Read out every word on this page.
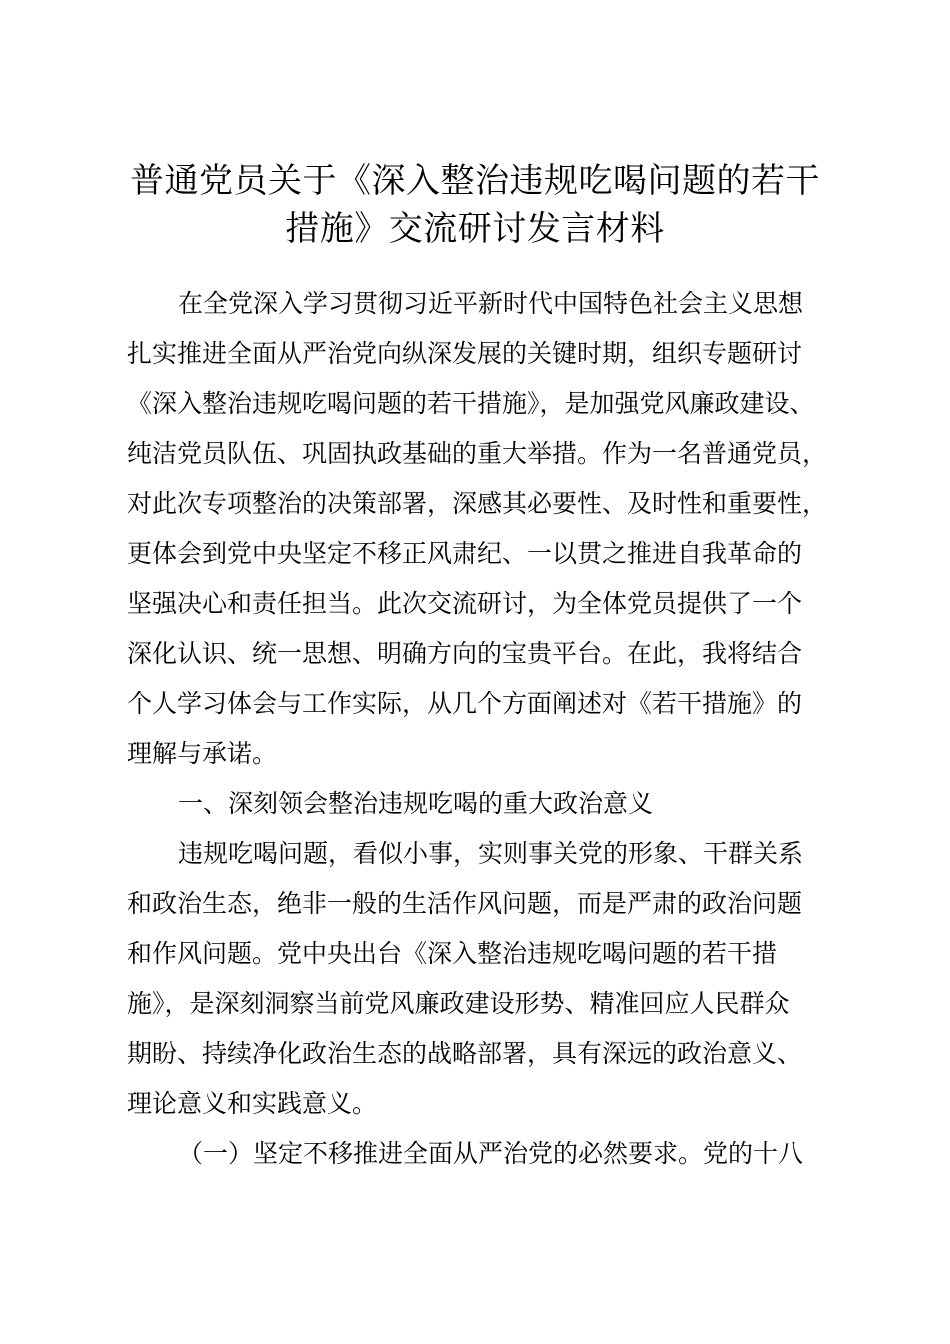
普通党员关于《深入整治违规吃喝问题的若干
措施》交流研讨发言材料

在全党深入学习贯彻习近平新时代中国特色社会主义思想

扎实推进全面从严治党向纵深发展的关键时期，组织专题研讨

《深入整治违规吃喝问题的若干措施》，是加强党风廉政建设、

纯洁党员队伍、巩固执政基础的重大举措。作为一名普通党员，

对此次专项整治的决策部署，深感其必要性、及时性和重要性，

更体会到党中央坚定不移正风肃纪、一以贯之推进自我革命的

坚强决心和责任担当。此次交流研讨，为全体党员提供了一个

深化认识、统一思想、明确方向的宝贵平台。在此，我将结合

个人学习体会与工作实际，从几个方面阐述对《若干措施》的

理解与承诺。

一、深刻领会整治违规吃喝的重大政治意义

违规吃喝问题，看似小事，实则事关党的形象、干群关系

和政治生态，绝非一般的生活作风问题，而是严肃的政治问题

和作风问题。党中央出台《深入整治违规吃喝问题的若干措

施》，是深刻洞察当前党风廉政建设形势、精准回应人民群众

期盼、持续净化政治生态的战略部署，具有深远的政治意义、

理论意义和实践意义。

（一）坚定不移推进全面从严治党的必然要求。党的十八
